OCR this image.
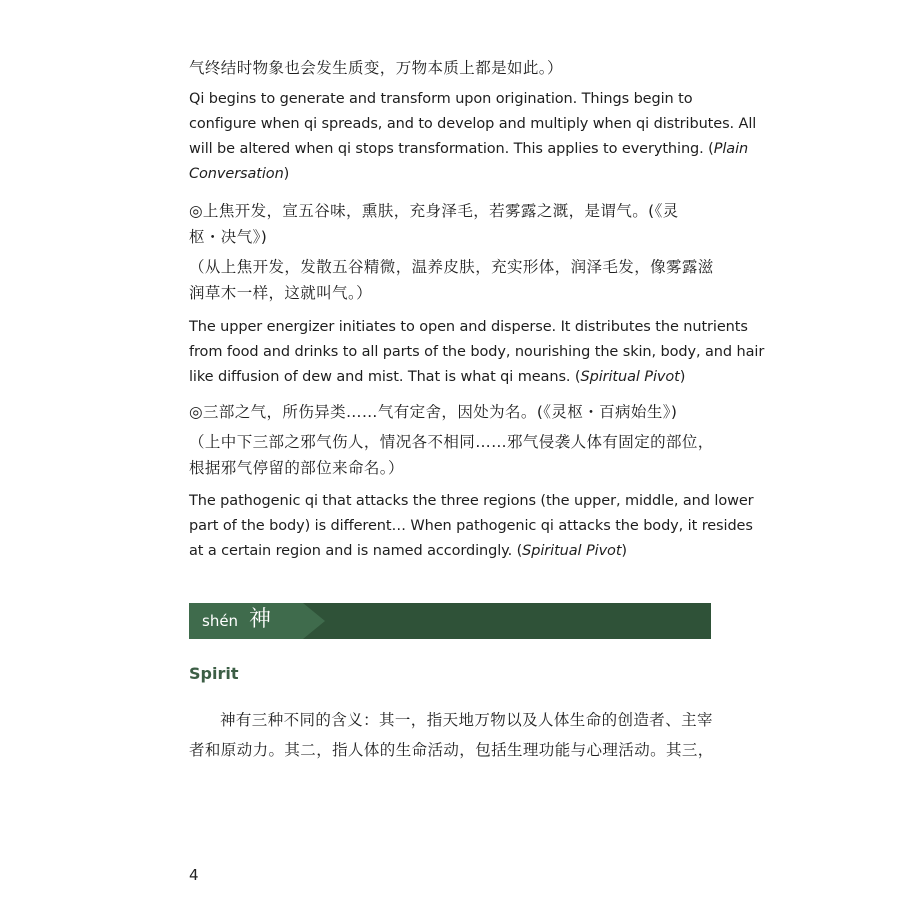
气终结时物象也会发生质变，万物本质上都是如此。）
Qi begins to generate and transform upon origination. Things begin to
configure when qi spreads, and to develop and multiply when qi distributes. All
will be altered when qi stops transformation. This applies to everything. (Plain
Conversation)
◎上焦开发，宣五谷味，熏肤，充身泽毛，若雾露之溉，是谓气。(《灵
枢・决气》)
（从上焦开发，发散五谷精微，温养皮肤，充实形体，润泽毛发，像雾露滋
润草木一样，这就叫气。）
The upper energizer initiates to open and disperse. It distributes the nutrients
from food and drinks to all parts of the body, nourishing the skin, body, and hair
like diffusion of dew and mist. That is what qi means. (Spiritual Pivot)
◎三部之气，所伤异类……气有定舍，因处为名。(《灵枢・百病始生》)
（上中下三部之邪气伤人，情况各不相同……邪气侵袭人体有固定的部位，
根据邪气停留的部位来命名。）
The pathogenic qi that attacks the three regions (the upper, middle, and lower
part of the body) is different… When pathogenic qi attacks the body, it resides
at a certain region and is named accordingly. (Spiritual Pivot)
shén 神
Spirit
神有三种不同的含义：其一，指天地万物以及人体生命的创造者、主宰
者和原动力。其二，指人体的生命活动，包括生理功能与心理活动。其三，
4
